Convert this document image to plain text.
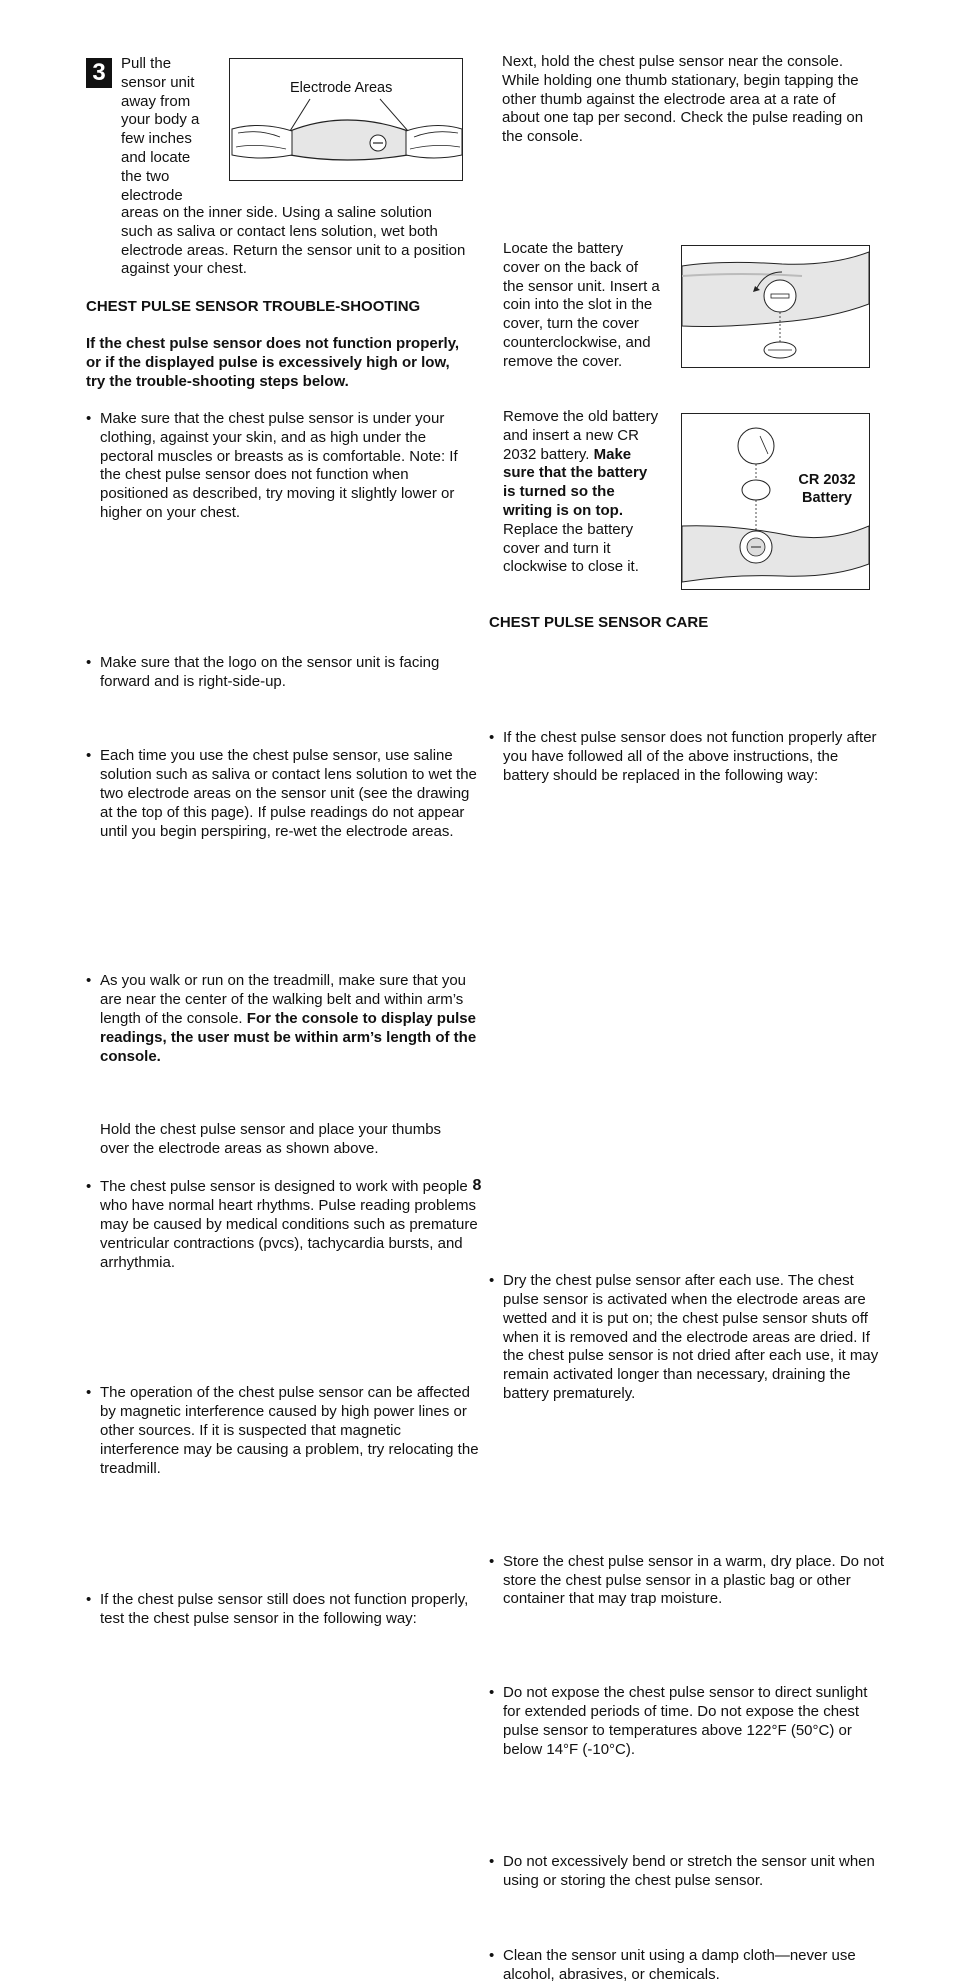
3	Pull the sensor unit away from your body a few inches and locate the two electrode

areas on the inner side. Using a saline solution such as saliva or contact lens solution, wet both electrode areas. Return the sensor unit to a position against your chest.

Electrode Areas

CHEST PULSE SENSOR TROUBLE-SHOOTING

If the chest pulse sensor does not function properly, or if the displayed pulse is excessively high or low, try the trouble-shooting steps below.

• Make sure that the chest pulse sensor is under your clothing, against your skin, and as high under the pectoral muscles or breasts as is comfortable. Note: If the chest pulse sensor does not function when positioned as described, try moving it slightly lower or higher on your chest.
• Make sure that the logo on the sensor unit is facing forward and is right-side-up.
• Each time you use the chest pulse sensor, use saline solution such as saliva or contact lens solution to wet the two electrode areas on the sensor unit (see the drawing at the top of this page). If pulse readings do not appear until you begin perspiring, re-wet the electrode areas.
• As you walk or run on the treadmill, make sure that you are near the center of the walking belt and within arm’s length of the console. For the console to display pulse readings, the user must be within arm’s length of the console.
• The chest pulse sensor is designed to work with people who have normal heart rhythms. Pulse reading problems may be caused by medical conditions such as premature ventricular contractions (pvcs), tachycardia bursts, and arrhythmia.
• The operation of the chest pulse sensor can be affected by magnetic interference caused by high power lines or other sources. If it is suspected that magnetic interference may be causing a problem, try relocating the treadmill.
• If the chest pulse sensor still does not function properly, test the chest pulse sensor in the following way:

Hold the chest pulse sensor and place your thumbs over the electrode areas as shown above.

Next, hold the chest pulse sensor near the console. While holding one thumb stationary, begin tapping the other thumb against the electrode area at a rate of about one tap per second. Check the pulse reading on the console.

• If the chest pulse sensor does not function properly after you have followed all of the above instructions, the battery should be replaced in the following way:

Locate the battery cover on the back of the sensor unit. Insert a coin into the slot in the cover, turn the cover counterclockwise, and remove the cover.

Remove the old battery and insert a new CR 2032 battery. Make sure that the battery is turned so the writing is on top. Replace the battery cover and turn it clockwise to close it.

CR 2032
Battery

CHEST PULSE SENSOR CARE

• Dry the chest pulse sensor after each use. The chest pulse sensor is activated when the electrode areas are wetted and it is put on; the chest pulse sensor shuts off when it is removed and the electrode areas are dried. If the chest pulse sensor is not dried after each use, it may remain activated longer than necessary, draining the battery prematurely.
• Store the chest pulse sensor in a warm, dry place. Do not store the chest pulse sensor in a plastic bag or other container that may trap moisture.
• Do not expose the chest pulse sensor to direct sunlight for extended periods of time. Do not expose the chest pulse sensor to temperatures above 122°F (50°C) or below 14°F (-10°C).
• Do not excessively bend or stretch the sensor unit when using or storing the chest pulse sensor.
• Clean the sensor unit using a damp cloth—never use alcohol, abrasives, or chemicals.
8
